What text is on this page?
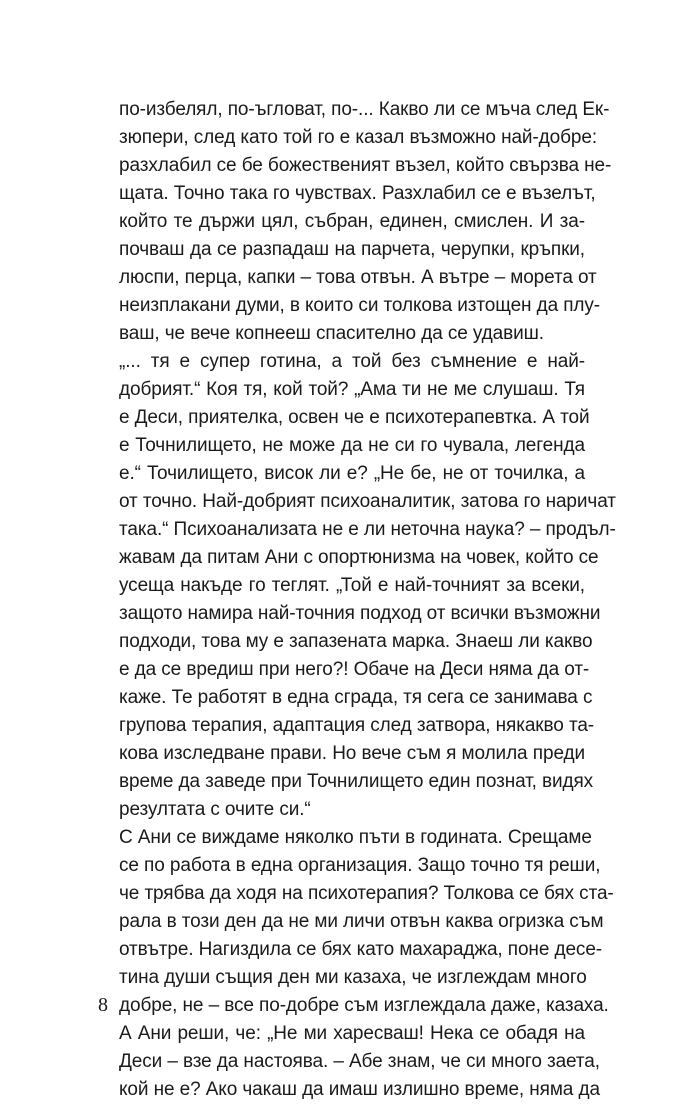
по-избелял, по-ъгловат, по-... Какво ли се мъча след Ек-
зюпери, след като той го е казал възможно най-добре:
разхлабил се бе божественият възел, който свързва не-
щата. Точно така го чувствах. Разхлабил се е възелът,
който те държи цял, събран, единен, смислен. И за-
почваш да се разпадаш на парчета, черупки, кръпки,
люспи, перца, капки – това отвън. А вътре – морета от
неизплакани думи, в които си толкова изтощен да плу-
ваш, че вече копнееш спасително да се удавиш.
„... тя е супер готина, а той без съмнение е най-
добрият.“ Коя тя, кой той? „Ама ти не ме слушаш. Тя
е Деси, приятелка, освен че е психотерапевтка. А той
е Точнилището, не може да не си го чувала, легенда
е.“ Точилището, висок ли е? „Не бе, не от точилка, а
от точно. Най-добрият психоаналитик, затова го наричат
така.“ Психоанализата не е ли неточна наука? – продъл-
жавам да питам Ани с опортюнизма на човек, който се
усеща накъде го теглят. „Той е най-точният за всеки,
защото намира най-точния подход от всички възможни
подходи, това му е запазената марка. Знаеш ли какво
е да се вредиш при него?! Обаче на Деси няма да от-
каже. Те работят в една сграда, тя сега се занимава с
групова терапия, адаптация след затвора, някакво та-
кова изследване прави. Но вече съм я молила преди
време да заведе при Точнилището един познат, видях
резултата с очите си.“
С Ани се виждаме няколко пъти в годината. Срещаме
се по работа в една организация. Защо точно тя реши,
че трябва да ходя на психотерапия? Толкова се бях ста-
рала в този ден да не ми личи отвън каква огризка съм
отвътре. Нагиздила се бях като махараджа, поне десе-
тина души същия ден ми казаха, че изглеждам много
добре, не – все по-добре съм изглеждала даже, казаха.
А Ани реши, че: „Не ми харесваш! Нека се обадя на
Деси – взе да настоява. – Абе знам, че си много заета,
кой не е? Ако чакаш да имаш излишно време, няма да
8
